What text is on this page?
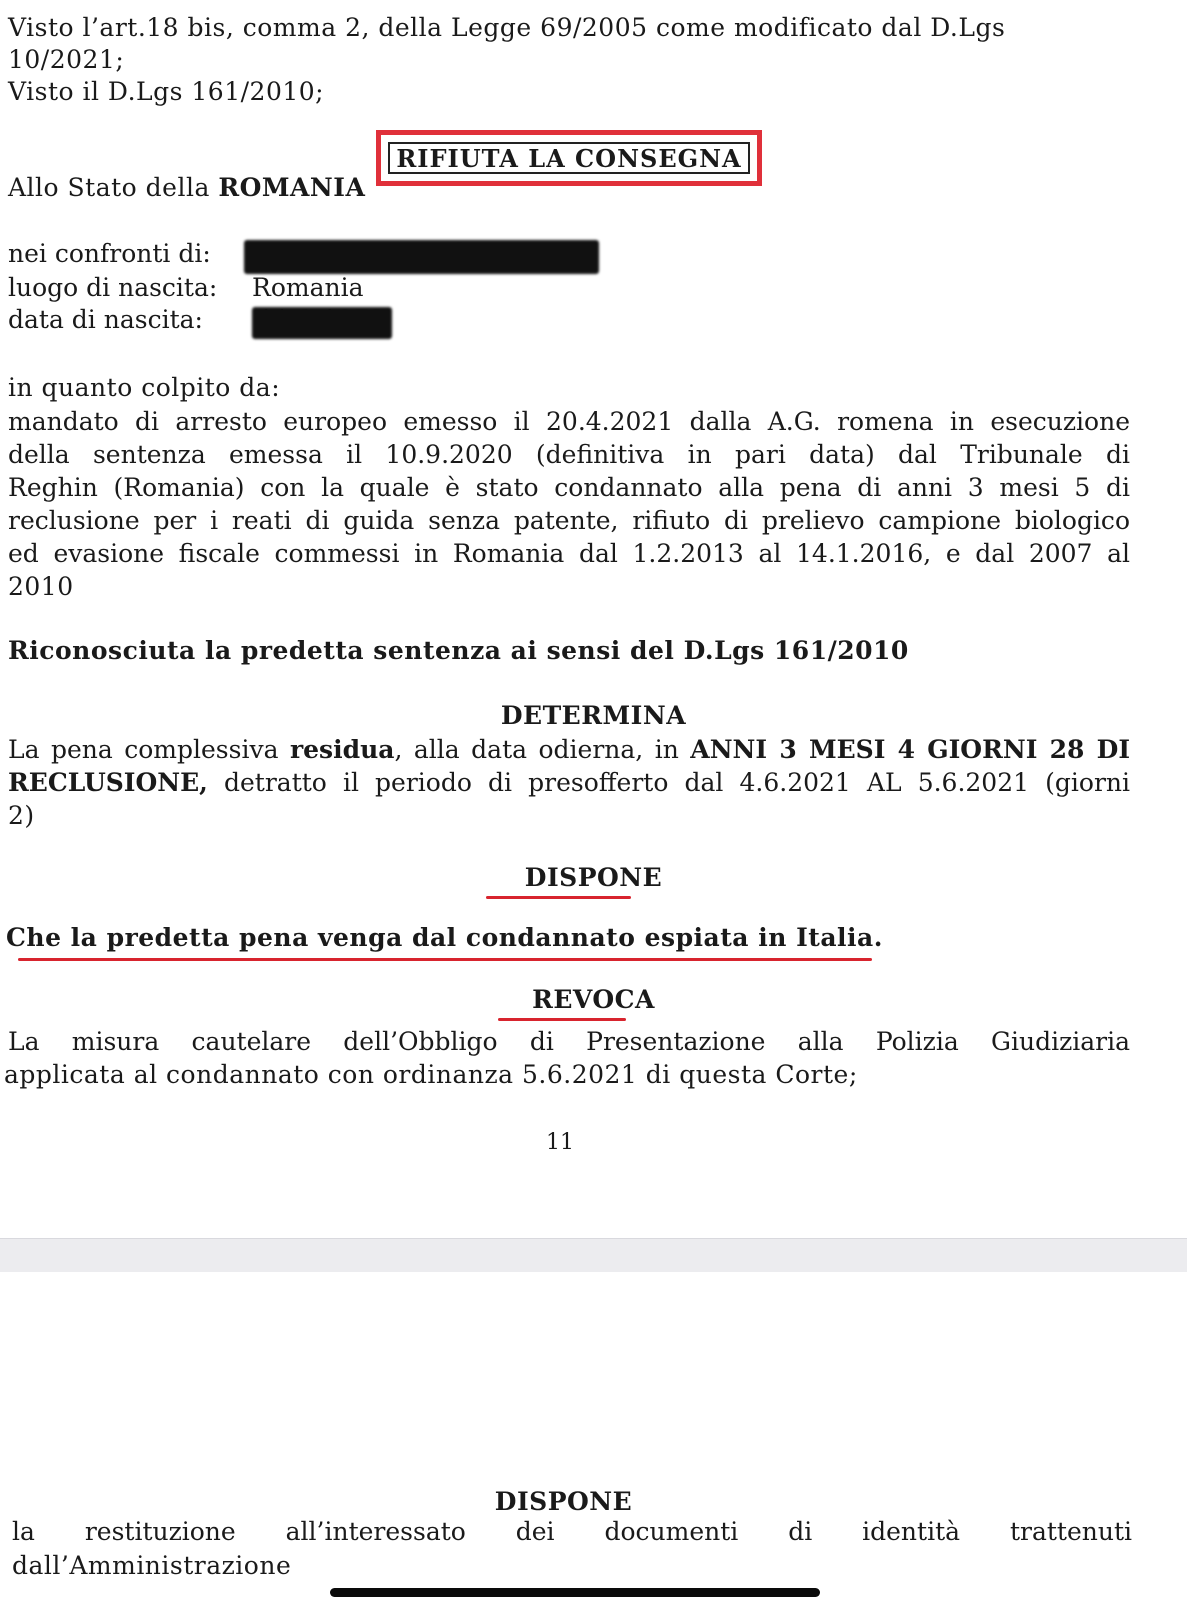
Visto l’art.18 bis, comma 2, della Legge 69/2005 come modificato dal D.Lgs
10/2021;
Visto il D.Lgs 161/2010;
RIFIUTA LA CONSEGNA
Allo Stato della ROMANIA
nei confronti di:
luogo di nascita: Romania
data di nascita:
in quanto colpito da:
mandato di arresto europeo emesso il 20.4.2021 dalla A.G. romena in esecuzione
della sentenza emessa il 10.9.2020 (definitiva in pari data) dal Tribunale di
Reghin (Romania) con la quale è stato condannato alla pena di anni 3 mesi 5 di
reclusione per i reati di guida senza patente, rifiuto di prelievo campione biologico
ed evasione fiscale commessi in Romania dal 1.2.2013 al 14.1.2016, e dal 2007 al
2010
Riconosciuta la predetta sentenza ai sensi del D.Lgs 161/2010
DETERMINA
La pena complessiva residua, alla data odierna, in ANNI 3 MESI 4 GIORNI 28 DI
RECLUSIONE, detratto il periodo di presofferto dal 4.6.2021 AL 5.6.2021 (giorni
2)
DISPONE
Che la predetta pena venga dal condannato espiata in Italia.
REVOCA
La misura cautelare dell’Obbligo di Presentazione alla Polizia Giudiziaria
applicata al condannato con ordinanza 5.6.2021 di questa Corte;
11
DISPONE
la restituzione all’interessato dei documenti di identità trattenuti
dall’Amministrazione
